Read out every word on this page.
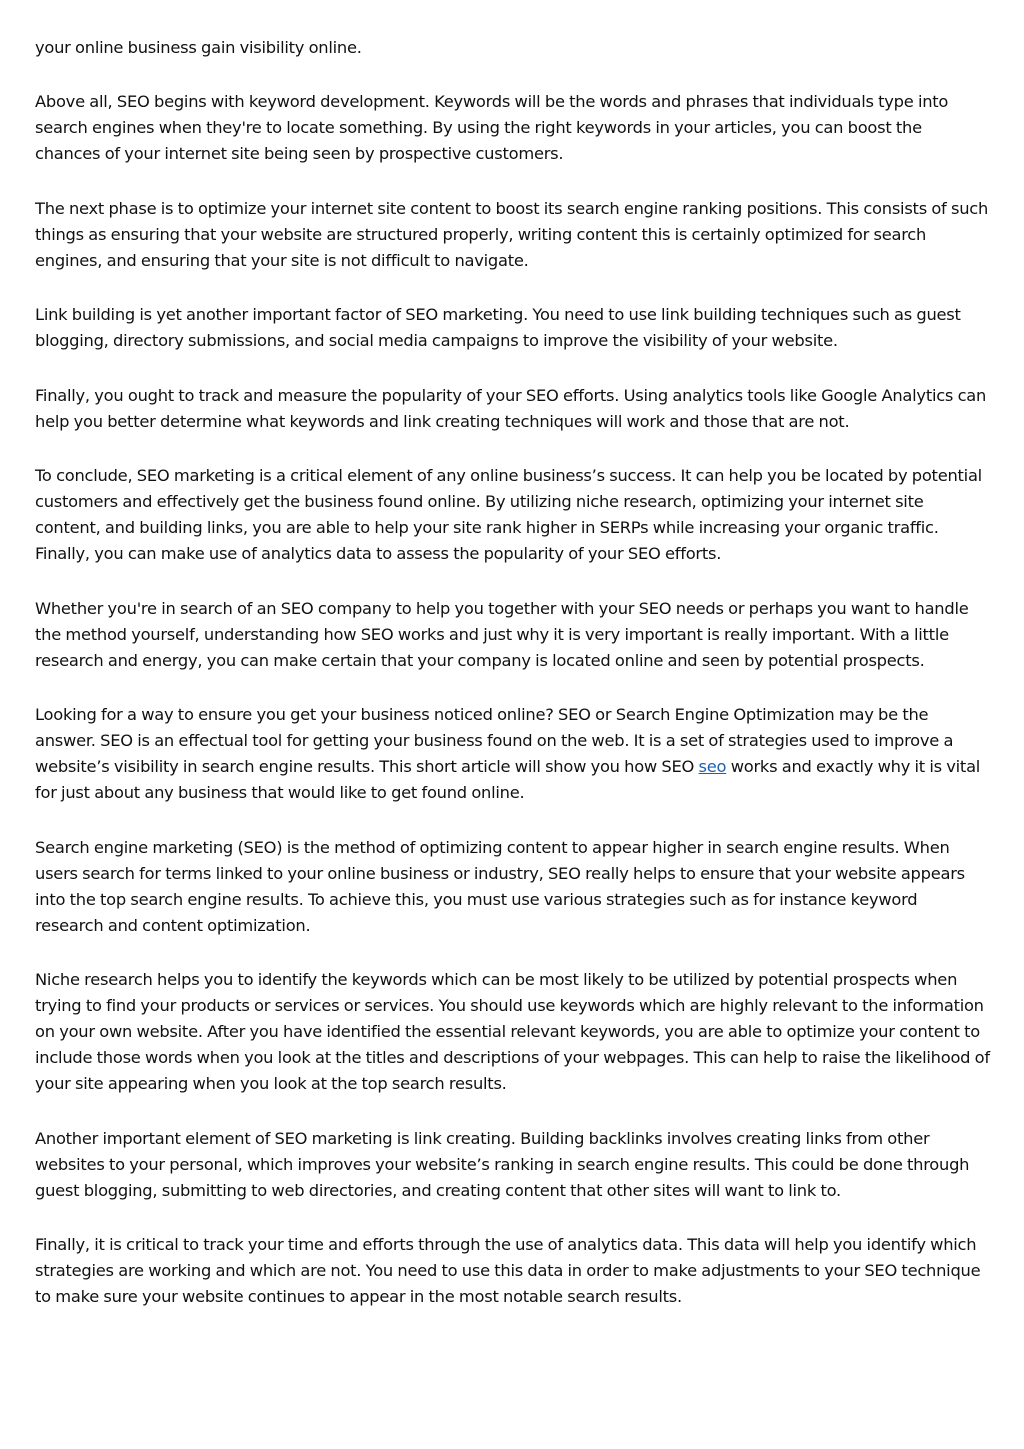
your online business gain visibility online.

Above all, SEO begins with keyword development. Keywords will be the words and phrases that individuals type into search engines when they're to locate something. By using the right keywords in your articles, you can boost the chances of your internet site being seen by prospective customers.

The next phase is to optimize your internet site content to boost its search engine ranking positions. This consists of such things as ensuring that your website are structured properly, writing content this is certainly optimized for search engines, and ensuring that your site is not difficult to navigate.

Link building is yet another important factor of SEO marketing. You need to use link building techniques such as guest blogging, directory submissions, and social media campaigns to improve the visibility of your website.

Finally, you ought to track and measure the popularity of your SEO efforts. Using analytics tools like Google Analytics can help you better determine what keywords and link creating techniques will work and those that are not.

To conclude, SEO marketing is a critical element of any online business’s success. It can help you be located by potential customers and effectively get the business found online. By utilizing niche research, optimizing your internet site content, and building links, you are able to help your site rank higher in SERPs while increasing your organic traffic. Finally, you can make use of analytics data to assess the popularity of your SEO efforts.

Whether you're in search of an SEO company to help you together with your SEO needs or perhaps you want to handle the method yourself, understanding how SEO works and just why it is very important is really important. With a little research and energy, you can make certain that your company is located online and seen by potential prospects.

Looking for a way to ensure you get your business noticed online? SEO or Search Engine Optimization may be the answer. SEO is an effectual tool for getting your business found on the web. It is a set of strategies used to improve a website’s visibility in search engine results. This short article will show you how SEO seo works and exactly why it is vital for just about any business that would like to get found online.

Search engine marketing (SEO) is the method of optimizing content to appear higher in search engine results. When users search for terms linked to your online business or industry, SEO really helps to ensure that your website appears into the top search engine results. To achieve this, you must use various strategies such as for instance keyword research and content optimization.

Niche research helps you to identify the keywords which can be most likely to be utilized by potential prospects when trying to find your products or services or services. You should use keywords which are highly relevant to the information on your own website. After you have identified the essential relevant keywords, you are able to optimize your content to include those words when you look at the titles and descriptions of your webpages. This can help to raise the likelihood of your site appearing when you look at the top search results.

Another important element of SEO marketing is link creating. Building backlinks involves creating links from other websites to your personal, which improves your website’s ranking in search engine results. This could be done through guest blogging, submitting to web directories, and creating content that other sites will want to link to.

Finally, it is critical to track your time and efforts through the use of analytics data. This data will help you identify which strategies are working and which are not. You need to use this data in order to make adjustments to your SEO technique to make sure your website continues to appear in the most notable search results.
